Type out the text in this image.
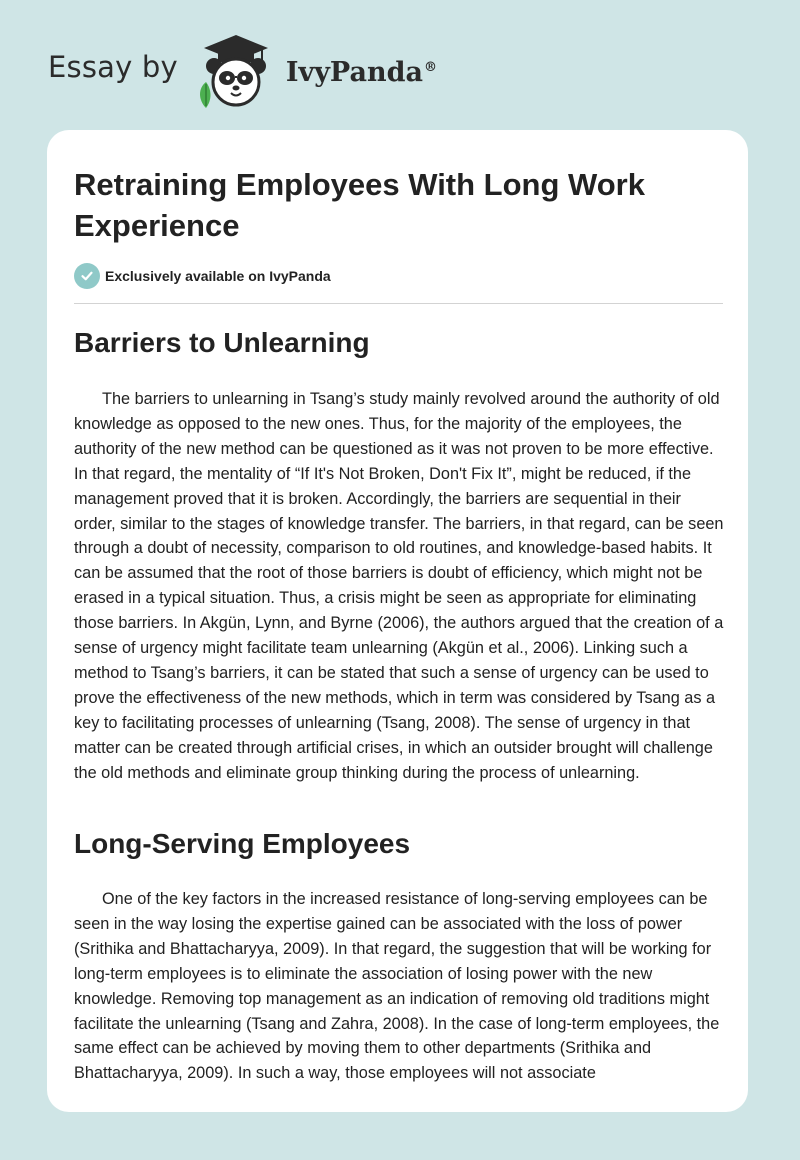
Essay by	IvyPanda®
Retraining Employees With Long Work Experience
Exclusively available on IvyPanda
Barriers to Unlearning

The barriers to unlearning in Tsang’s study mainly revolved around the authority of old knowledge as opposed to the new ones. Thus, for the majority of the employees, the authority of the new method can be questioned as it was not proven to be more effective. In that regard, the mentality of “If It's Not Broken, Don't Fix It”, might be reduced, if the management proved that it is broken. Accordingly, the barriers are sequential in their order, similar to the stages of knowledge transfer. The barriers, in that regard, can be seen through a doubt of necessity, comparison to old routines, and knowledge-based habits. It can be assumed that the root of those barriers is doubt of efficiency, which might not be erased in a typical situation. Thus, a crisis might be seen as appropriate for eliminating those barriers. In Akgün, Lynn, and Byrne (2006), the authors argued that the creation of a sense of urgency might facilitate team unlearning (Akgün et al., 2006). Linking such a method to Tsang’s barriers, it can be stated that such a sense of urgency can be used to prove the effectiveness of the new methods, which in term was considered by Tsang as a key to facilitating processes of unlearning (Tsang, 2008). The sense of urgency in that matter can be created through artificial crises, in which an outsider brought will challenge the old methods and eliminate group thinking during the process of unlearning.

Long-Serving Employees

One of the key factors in the increased resistance of long-serving employees can be seen in the way losing the expertise gained can be associated with the loss of power (Srithika and Bhattacharyya, 2009). In that regard, the suggestion that will be working for long-term employees is to eliminate the association of losing power with the new knowledge. Removing top management as an indication of removing old traditions might facilitate the unlearning (Tsang and Zahra, 2008). In the case of long-term employees, the same effect can be achieved by moving them to other departments (Srithika and Bhattacharyya, 2009). In such a way, those employees will not associate
